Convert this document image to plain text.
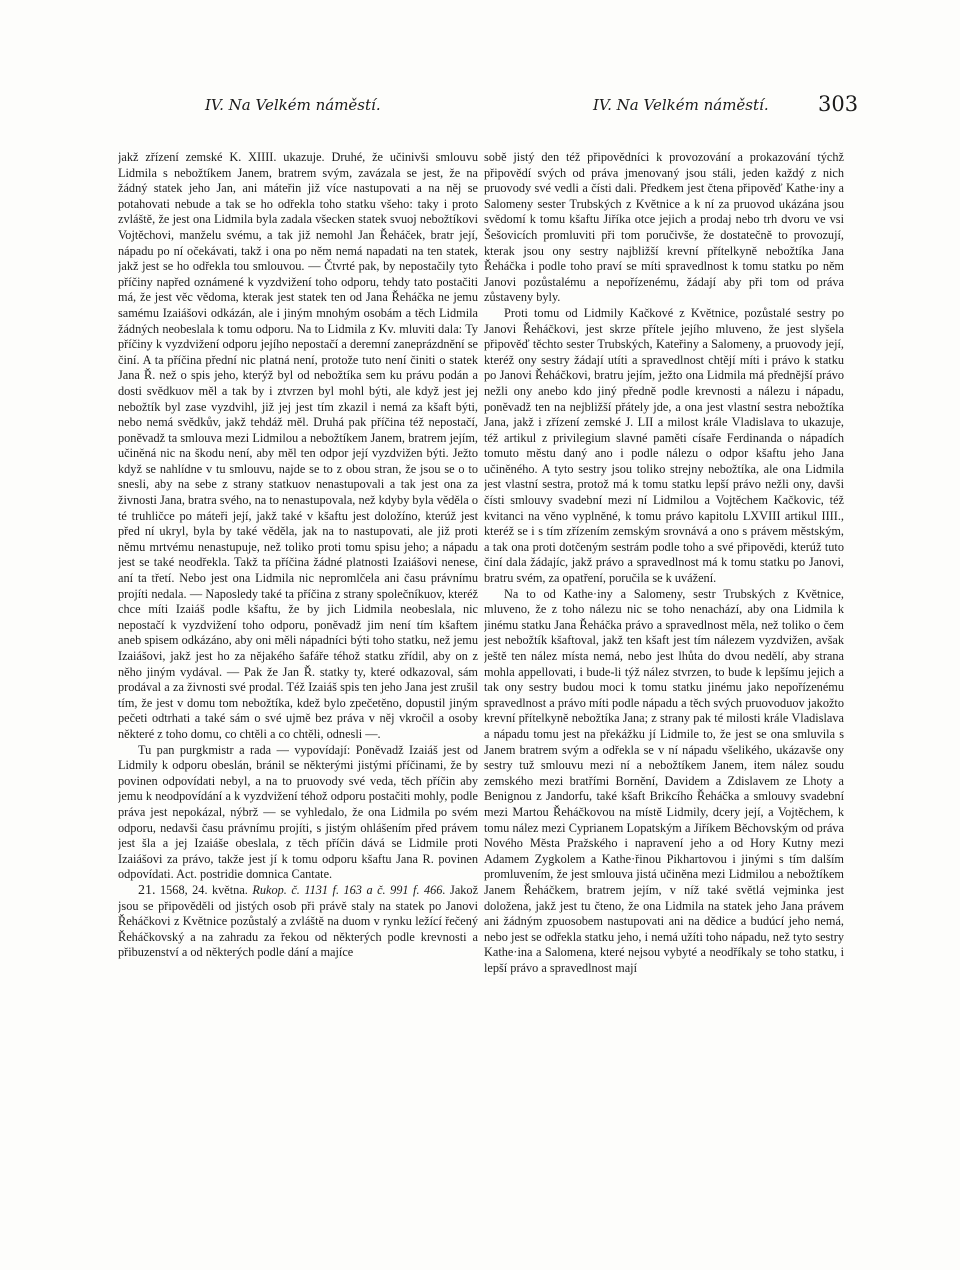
IV. Na Velkém náměstí.	IV. Na Velkém náměstí. 303

jakž zřízení zemské K. XIIII. ukazuje. Druhé, že učinivši smlouvu Lidmila s nebožtíkem Janem, bratrem svým, zavázala se jest, že na žádný statek jeho Jan, ani máteřin již více nastupovati a na něj se potahovati nebude a tak se ho odřekla toho statku všeho: taky i proto zvláště, že jest ona Lidmila byla zadala všecken statek svuoj nebožtíkovi Vojtěchovi, manželu svému, a tak již nemohl Jan Řeháček, bratr její, nápadu po ní očekávati, takž i ona po něm nemá napadati na ten statek, jakž jest se ho odřekla tou smlouvou. — Čtvrté pak, by nepostačily tyto příčiny napřed oznámené k vyzdvižení toho odporu, tehdy tato postačiti má, že jest věc vědoma, kterak jest statek ten od Jana Řeháčka ne jemu samému Izaiášovi odkázán, ale i jiným mnohým osobám a těch Lidmila žádných neobeslala k tomu odporu. Na to Lidmila z Kv. mluviti dala: Ty příčiny k vyzdvižení odporu jejího nepostačí a deremní zaneprázdnění se činí. A ta příčina přední nic platná není, protože tuto není činiti o statek Jana Ř. než o spis jeho, kterýž byl od nebožtíka sem ku právu podán a dosti svědkuov měl a tak by i ztvrzen byl mohl býti, ale když jest jej nebožtík byl zase vyzdvihl, již jej jest tím zkazil i nemá za kšaft býti, nebo nemá svědkův, jakž tehdáž měl. Druhá pak příčina též nepostačí, poněvadž ta smlouva mezi Lidmilou a nebožtíkem Janem, bratrem jejím, učiněná nic na škodu není, aby měl ten odpor její vyzdvižen býti. Ježto když se nahlídne v tu smlouvu, najde se to z obou stran, že jsou se o to snesli, aby na sebe z strany statkuov nenastupovali a tak jest ona za živnosti Jana, bratra svého, na to nenastupovala, než kdyby byla věděla o té truhličce po máteři její, jakž také v kšaftu jest doložíno, kterúž jest před ní ukryl, byla by také věděla, jak na to nastupovati, ale již proti němu mrtvému nenastupuje, než toliko proti tomu spisu jeho; a nápadu jest se také neodřekla. Takž ta příčina žádné platnosti Izaiášovi nenese, aní ta třetí. Nebo jest ona Lidmila nic nepromlčela ani času právnímu projíti nedala. — Naposledy také ta příčina z strany společníkuov, kteréž chce míti Izaiáš podle kšaftu, že by jich Lidmila neobeslala, nic nepostačí k vyzdvižení toho odporu, poněvadž jim není tím kšaftem aneb spisem odkázáno, aby oni měli nápadníci býti toho statku, než jemu Izaiášovi, jakž jest ho za nějakého šafáře téhož statku zřídil, aby on z něho jiným vydával. — Pak že Jan Ř. statky ty, které odkazoval, sám prodával a za živnosti své prodal. Též Izaiáš spis ten jeho Jana jest zrušil tím, že jest v domu tom nebožtíka, kdež bylo zpečetěno, dopustil jiným pečeti odtrhati a také sám o své ujmě bez práva v něj vkročil a osoby některé z toho domu, co chtěli a co chtěli, odnesli —.

Tu pan purgkmistr a rada — vypovídají: Poněvadž Izaiáš jest od Lidmily k odporu obeslán, bránil se některými jistými příčinami, že by povinen odpovídati nebyl, a na to pruovody své veda, těch příčin aby jemu k neodpovídání a k vyzdvižení téhož odporu postačiti mohly, podle práva jest nepokázal, nýbrž — se vyhledalo, že ona Lidmila po svém odporu, nedavši času právnímu projíti, s jistým ohlášením před právem jest šla a jej Izaiáše obeslala, z těch příčin dává se Lidmile proti Izaiášovi za právo, takže jest jí k tomu odporu kšaftu Jana R. povinen odpovídati. Act. postridie domnica Cantate.

21. 1568, 24. května. Rukop. č. 1131 f. 163 a č. 991 f. 466. Jakož jsou se připověděli od jistých osob při právě staly na statek po Janovi Řeháčkovi z Květnice pozůstalý a zvláště na duom v rynku ležící řečený Řeháčkovský a na zahradu za řekou od některých podle krevnosti a přibuzenství a od některých podle dání a majíce

sobě jistý den též připovědníci k provozování a prokazování týchž připovědí svých od práva jmenovaný jsou stáli, jeden každý z nich pruovody své vedli a čísti dali. Předkem jest čtena připověď Kathe·iny a Salomeny sester Trubských z Květnice a k ní za pruovod ukázána jsou svědomí k tomu kšaftu Jiříka otce jejich a prodaj nebo trh dvoru ve vsi Šešovicích promluviti při tom poručivše, že dostatečně to provozují, kterak jsou ony sestry najbližší krevní přítelkyně nebožtíka Jana Řeháčka i podle toho praví se míti spravedlnost k tomu statku po něm Janovi pozůstalému a nepořízenému, žádají aby při tom od práva zůstaveny byly.

Proti tomu od Lidmily Kačkové z Květnice, pozůstalé sestry po Janovi Řeháčkovi, jest skrze přítele jejího mluveno, že jest slyšela připověď těchto sester Trubských, Kateřiny a Salomeny, a pruovody její, kteréž ony sestry žádají utíti a spravedlnost chtějí míti i právo k statku po Janovi Řeháčkovi, bratru jejím, ježto ona Lidmila má přednější právo nežli ony anebo kdo jiný předně podle krevnosti a nálezu i nápadu, poněvadž ten na nejbližší přátely jde, a ona jest vlastní sestra nebožtíka Jana, jakž i zřízení zemské J. LII a milost krále Vladislava to ukazuje, též artikul z privilegium slavné paměti císaře Ferdinanda o nápadích tomuto městu daný ano i podle nálezu o odpor kšaftu jeho Jana učiněného. A tyto sestry jsou toliko strejny nebožtíka, ale ona Lidmila jest vlastní sestra, protož má k tomu statku lepší právo nežli ony, davši čísti smlouvy svadební mezi ní Lidmilou a Vojtěchem Kačkovic, též kvitanci na věno vyplněné, k tomu právo kapitolu LXVIII artikul IIII., kteréž se i s tím zřízením zemským srovnává a ono s právem městským, a tak ona proti dotčeným sestrám podle toho a své připovědi, kterúž tuto činí dala žádajíc, jakž právo a spravedlnost má k tomu statku po Janovi, bratru svém, za opatření, poručila se k uvážení.

Na to od Kathe·iny a Salomeny, sestr Trubských z Květnice, mluveno, že z toho nálezu nic se toho nenachází, aby ona Lidmila k jinému statku Jana Řeháčka právo a spravedlnost měla, než toliko o čem jest nebožtík kšaftoval, jakž ten kšaft jest tím nálezem vyzdvižen, avšak ještě ten nález místa nemá, nebo jest lhůta do dvou nedělí, aby strana mohla appellovati, i bude-li týž nález stvrzen, to bude k lepšímu jejich a tak ony sestry budou moci k tomu statku jinému jako nepořízenému spravedlnost a právo míti podle nápadu a těch svých pruovoduov jakožto krevní přítelkyně nebožtíka Jana; z strany pak té milosti krále Vladislava a nápadu tomu jest na překážku jí Lidmile to, že jest se ona smluvila s Janem bratrem svým a odřekla se v ní nápadu všelikého, ukázavše ony sestry tuž smlouvu mezi ní a nebožtíkem Janem, item nález soudu zemského mezi bratřími Bornění, Davidem a Zdislavem ze Lhoty a Benignou z Jandorfu, také kšaft Brikcího Řeháčka a smlouvy svadební mezi Martou Řeháčkovou na místě Lidmily, dcery její, a Vojtěchem, k tomu nález mezi Cyprianem Lopatským a Jiříkem Běchovským od práva Nového Města Pražského i napravení jeho a od Hory Kutny mezi Adamem Zygkolem a Kathe·řinou Pikhartovou i jinými s tím dalším promluvením, že jest smlouva jistá učiněna mezi Lidmilou a nebožtíkem Janem Řeháčkem, bratrem jejím, v níž také světlá vejminka jest doložena, jakž jest tu čteno, že ona Lidmila na statek jeho Jana právem ani žádným zpuosobem nastupovati ani na dědice a budúcí jeho nemá, nebo jest se odřekla statku jeho, i nemá užíti toho nápadu, než tyto sestry Kathe·ina a Salomena, které nejsou vybyté a neodříkaly se toho statku, i lepší právo a spravedlnost mají
